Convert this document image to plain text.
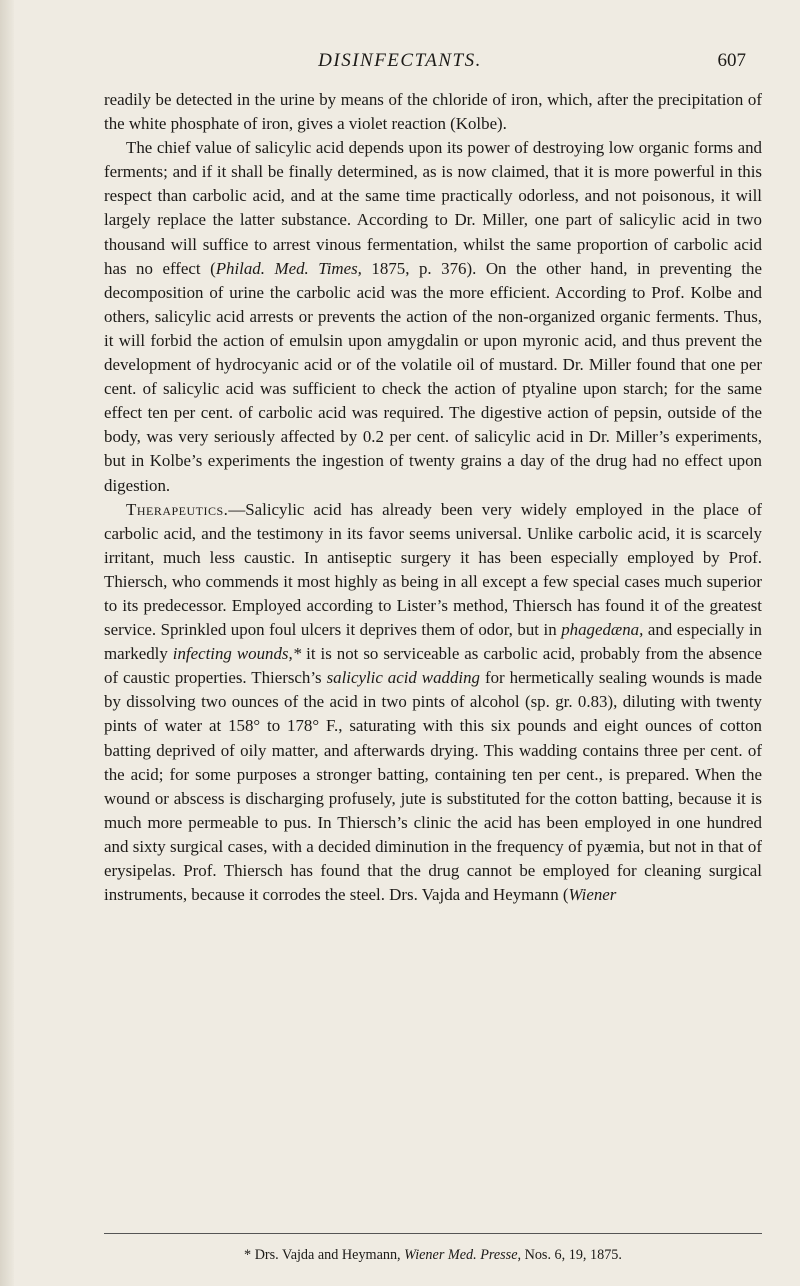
DISINFECTANTS.	607

readily be detected in the urine by means of the chloride of iron, which, after the precipitation of the white phosphate of iron, gives a violet reaction (Kolbe).

The chief value of salicylic acid depends upon its power of destroying low organic forms and ferments; and if it shall be finally determined, as is now claimed, that it is more powerful in this respect than carbolic acid, and at the same time practically odorless, and not poisonous, it will largely replace the latter substance. According to Dr. Miller, one part of salicylic acid in two thousand will suffice to arrest vinous fermentation, whilst the same proportion of carbolic acid has no effect (Philad. Med. Times, 1875, p. 376). On the other hand, in preventing the decomposition of urine the carbolic acid was the more efficient. According to Prof. Kolbe and others, salicylic acid arrests or prevents the action of the non-organized organic ferments. Thus, it will forbid the action of emulsin upon amygdalin or upon myronic acid, and thus prevent the development of hydrocyanic acid or of the volatile oil of mustard. Dr. Miller found that one per cent. of salicylic acid was sufficient to check the action of ptyaline upon starch; for the same effect ten per cent. of carbolic acid was required. The digestive action of pepsin, outside of the body, was very seriously affected by 0.2 per cent. of salicylic acid in Dr. Miller’s experiments, but in Kolbe’s experiments the ingestion of twenty grains a day of the drug had no effect upon digestion.

Therapeutics.—Salicylic acid has already been very widely employed in the place of carbolic acid, and the testimony in its favor seems universal. Unlike carbolic acid, it is scarcely irritant, much less caustic. In antiseptic surgery it has been especially employed by Prof. Thiersch, who commends it most highly as being in all except a few special cases much superior to its predecessor. Employed according to Lister’s method, Thiersch has found it of the greatest service. Sprinkled upon foul ulcers it deprives them of odor, but in phagedæna, and especially in markedly infecting wounds,* it is not so serviceable as carbolic acid, probably from the absence of caustic properties. Thiersch’s salicylic acid wadding for hermetically sealing wounds is made by dissolving two ounces of the acid in two pints of alcohol (sp. gr. 0.83), diluting with twenty pints of water at 158° to 178° F., saturating with this six pounds and eight ounces of cotton batting deprived of oily matter, and afterwards drying. This wadding contains three per cent. of the acid; for some purposes a stronger batting, containing ten per cent., is prepared. When the wound or abscess is discharging profusely, jute is substituted for the cotton batting, because it is much more permeable to pus. In Thiersch’s clinic the acid has been employed in one hundred and sixty surgical cases, with a decided diminution in the frequency of pyæmia, but not in that of erysipelas. Prof. Thiersch has found that the drug cannot be employed for cleaning surgical instruments, because it corrodes the steel. Drs. Vajda and Heymann (Wiener

* Drs. Vajda and Heymann, Wiener Med. Presse, Nos. 6, 19, 1875.
